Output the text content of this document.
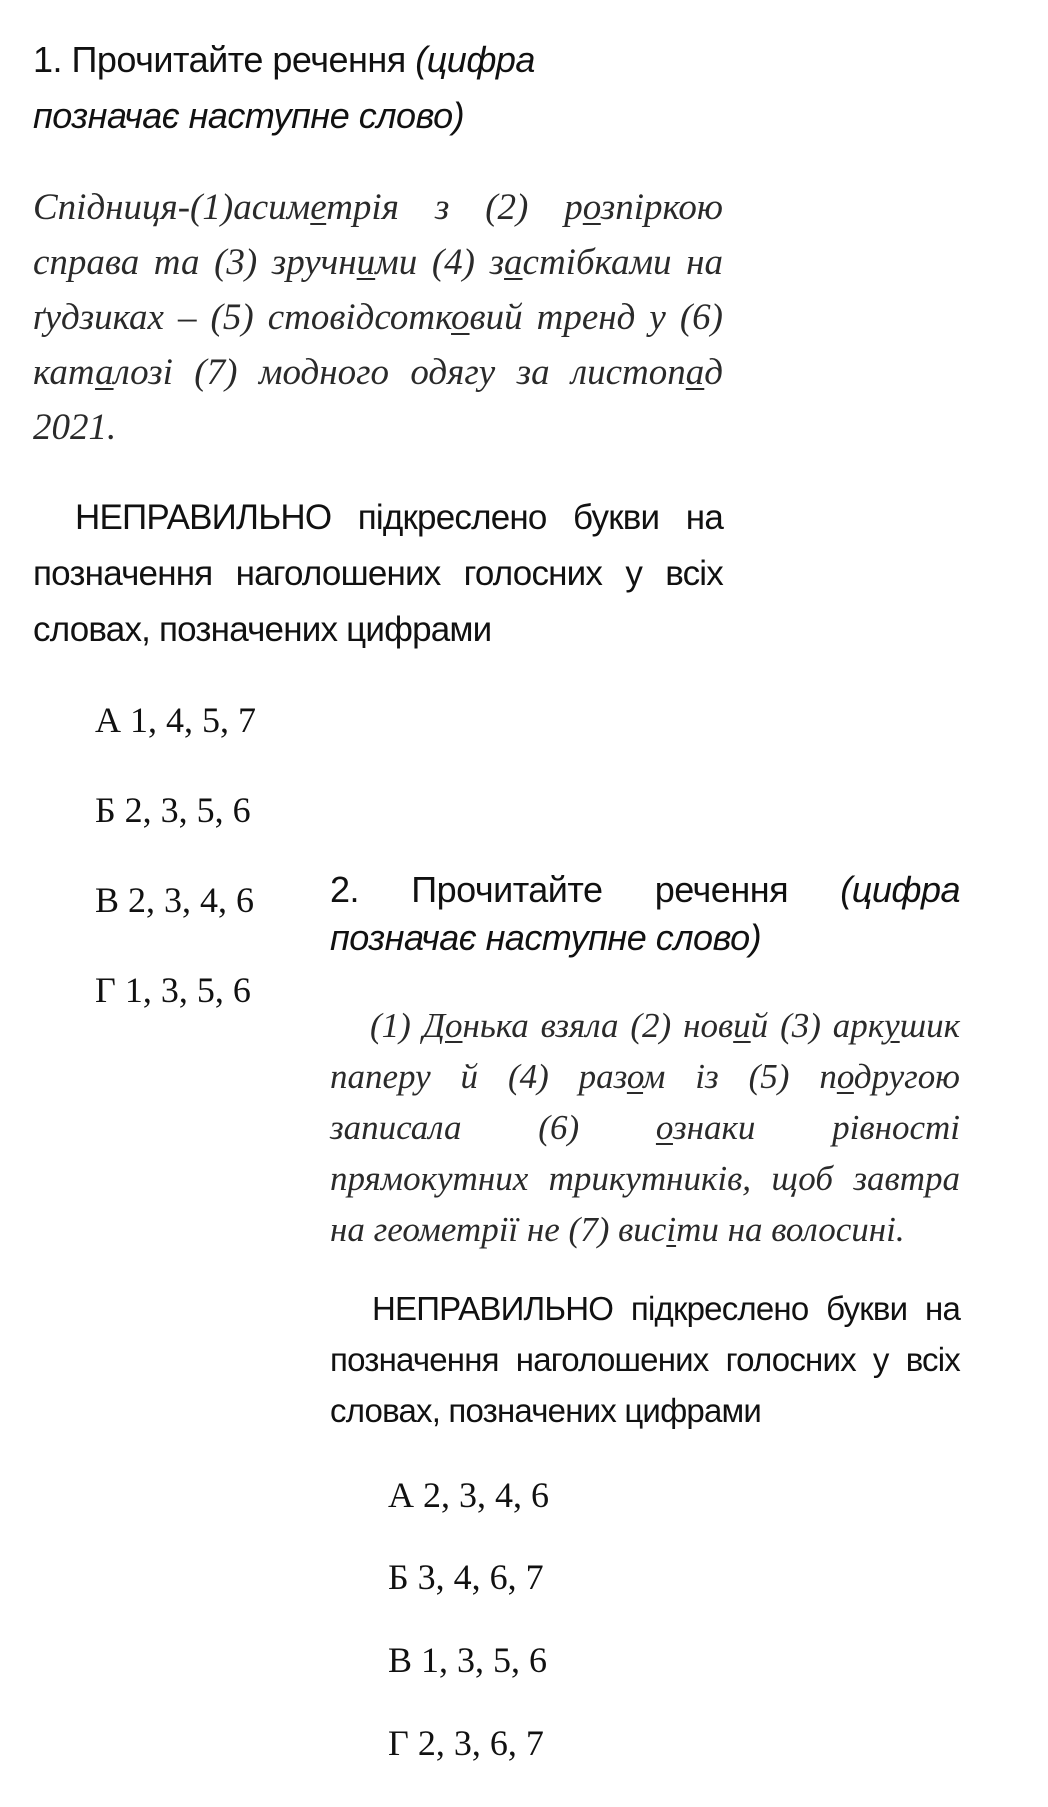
1. Прочитайте речення (цифра позначає наступне слово)

Спідниця-(1)асиметрія з (2) розпіркою справа та (3) зручними (4) застібками на ґудзиках – (5) стовідсотковий тренд у (6) каталозі (7) модного одягу за листопад 2021.

НЕПРАВИЛЬНО підкреслено букви на позначення наголошених голосних у всіх словах, позначених цифрами

А 1, 4, 5, 7
Б 2, 3, 5, 6
В 2, 3, 4, 6
Г 1, 3, 5, 6
2. Прочитайте речення (цифра позначає наступне слово)

(1) Донька взяла (2) новий (3) аркушик паперу й (4) разом із (5) подругою записала (6) ознаки рівності прямокутних трикутників, щоб завтра на геометрії не (7) висіти на волосині.

НЕПРАВИЛЬНО підкреслено букви на позначення наголошених голосних у всіх словах, позначених цифрами

А 2, 3, 4, 6
Б 3, 4, 6, 7
В 1, 3, 5, 6
Г 2, 3, 6, 7
